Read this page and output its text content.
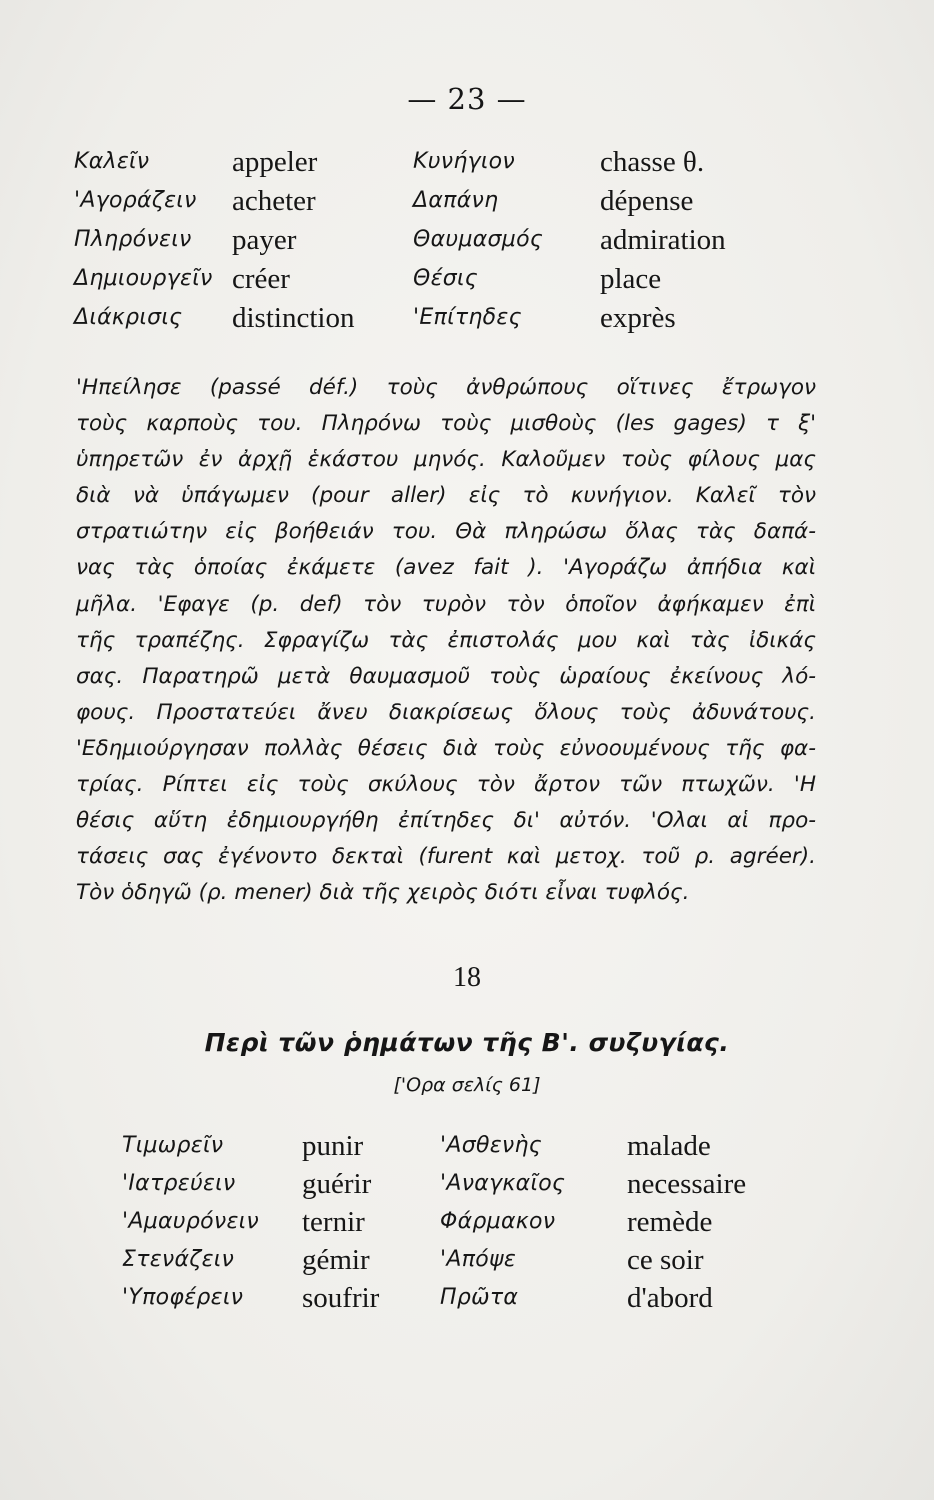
— 23 —
Καλεῖν	appeler	Κυνήγιον	chasse θ.
'Αγοράζειν acheter	Δαπάνη	dépense
Πληρόνειν payer	Θαυμασμός admiration
Δημιουργεῖν créer	Θέσις	place
Διάκρισις distinction	'Επίτηδες	exprès
'Ηπείλησε (passé déf.) τοὺς ἀνθρώπους οἵτινες ἔτρωγον
τοὺς καρποὺς του. Πληρόνω τοὺς μισθοὺς (les gages) τ ξ'
ὑπηρετῶν ἐν ἀρχῇ ἑκάστου μηνός. Καλοῦμεν τοὺς φίλους μας
διὰ νὰ ὑπάγωμεν (pour aller) εἰς τὸ κυνήγιον. Καλεῖ τὸν
στρατιώτην εἰς βοήθειάν του. Θὰ πληρώσω ὅλας τὰς δαπά-
νας τὰς ὁποίας ἐκάμετε (avez fait ). 'Αγοράζω ἀπήδια καὶ
μῆλα. 'Εφαγε (p. def) τὸν τυρὸν τὸν ὁποῖον ἀφήκαμεν ἐπὶ
τῆς τραπέζης. Σφραγίζω τὰς ἐπιστολάς μου καὶ τὰς ἰδικάς
σας. Παρατηρῶ μετὰ θαυμασμοῦ τοὺς ὡραίους ἐκείνους λό-
φους. Προστατεύει ἄνευ διακρίσεως ὅλους τοὺς ἀδυνάτους.
'Εδημιούργησαν πολλὰς θέσεις διὰ τοὺς εὐνοουμένους τῆς φα-
τρίας. Ρίπτει εἰς τοὺς σκύλους τὸν ἄρτον τῶν πτωχῶν. 'Η
θέσις αὕτη ἐδημιουργήθη ἐπίτηδες δι' αὐτόν. 'Ολαι αἱ προ-
τάσεις σας ἐγένοντο δεκταὶ (furent καὶ μετοχ. τοῦ ρ. agréer).
Τὸν ὁδηγῶ (ρ. mener) διὰ τῆς χειρὸς διότι εἶναι τυφλός.
18
Περὶ τῶν ῥημάτων τῆς Β'. συζυγίας.
['Ορα σελίς 61]
Τιμωρεῖν	punir	'Ασθενὴς	malade
'Ιατρεύειν guérir	'Αναγκαῖος necessaire
'Αμαυρόνειν ternir	Φάρμακον remède
Στενάζειν gémir	'Απόψε	ce soir
'Υποφέρειν soufrir	Πρῶτα	d'abord
